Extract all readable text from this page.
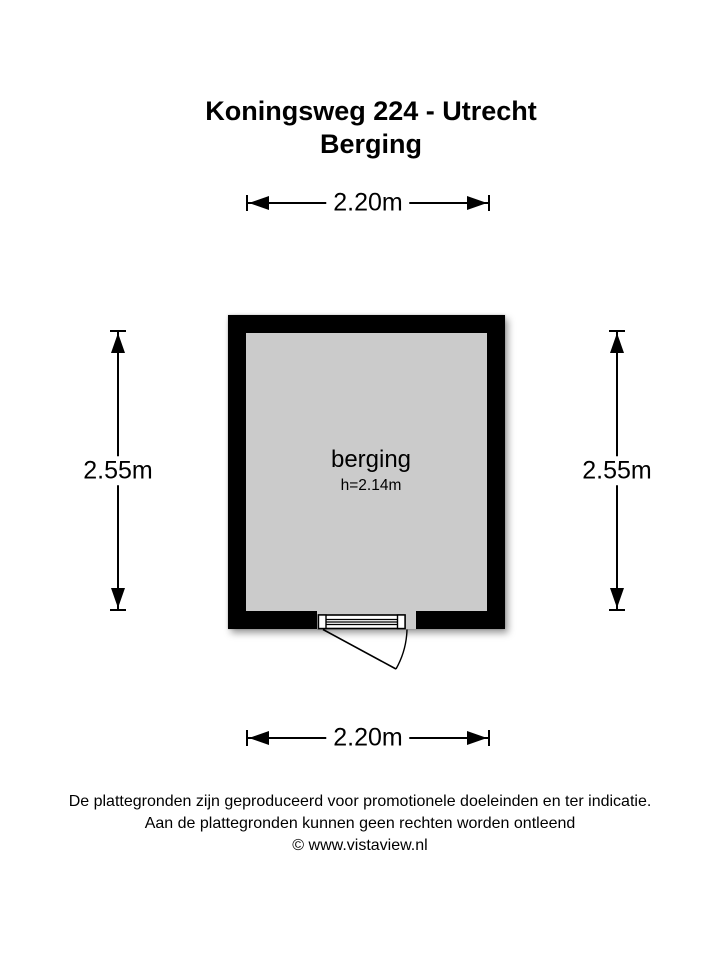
Koningsweg 224 - Utrecht
Berging
2.20m
2.55m	2.55m
berging
h=2.14m
2.20m
De plattegronden zijn geproduceerd voor promotionele doeleinden en ter indicatie.
Aan de plattegronden kunnen geen rechten worden ontleend
© www.vistaview.nl
